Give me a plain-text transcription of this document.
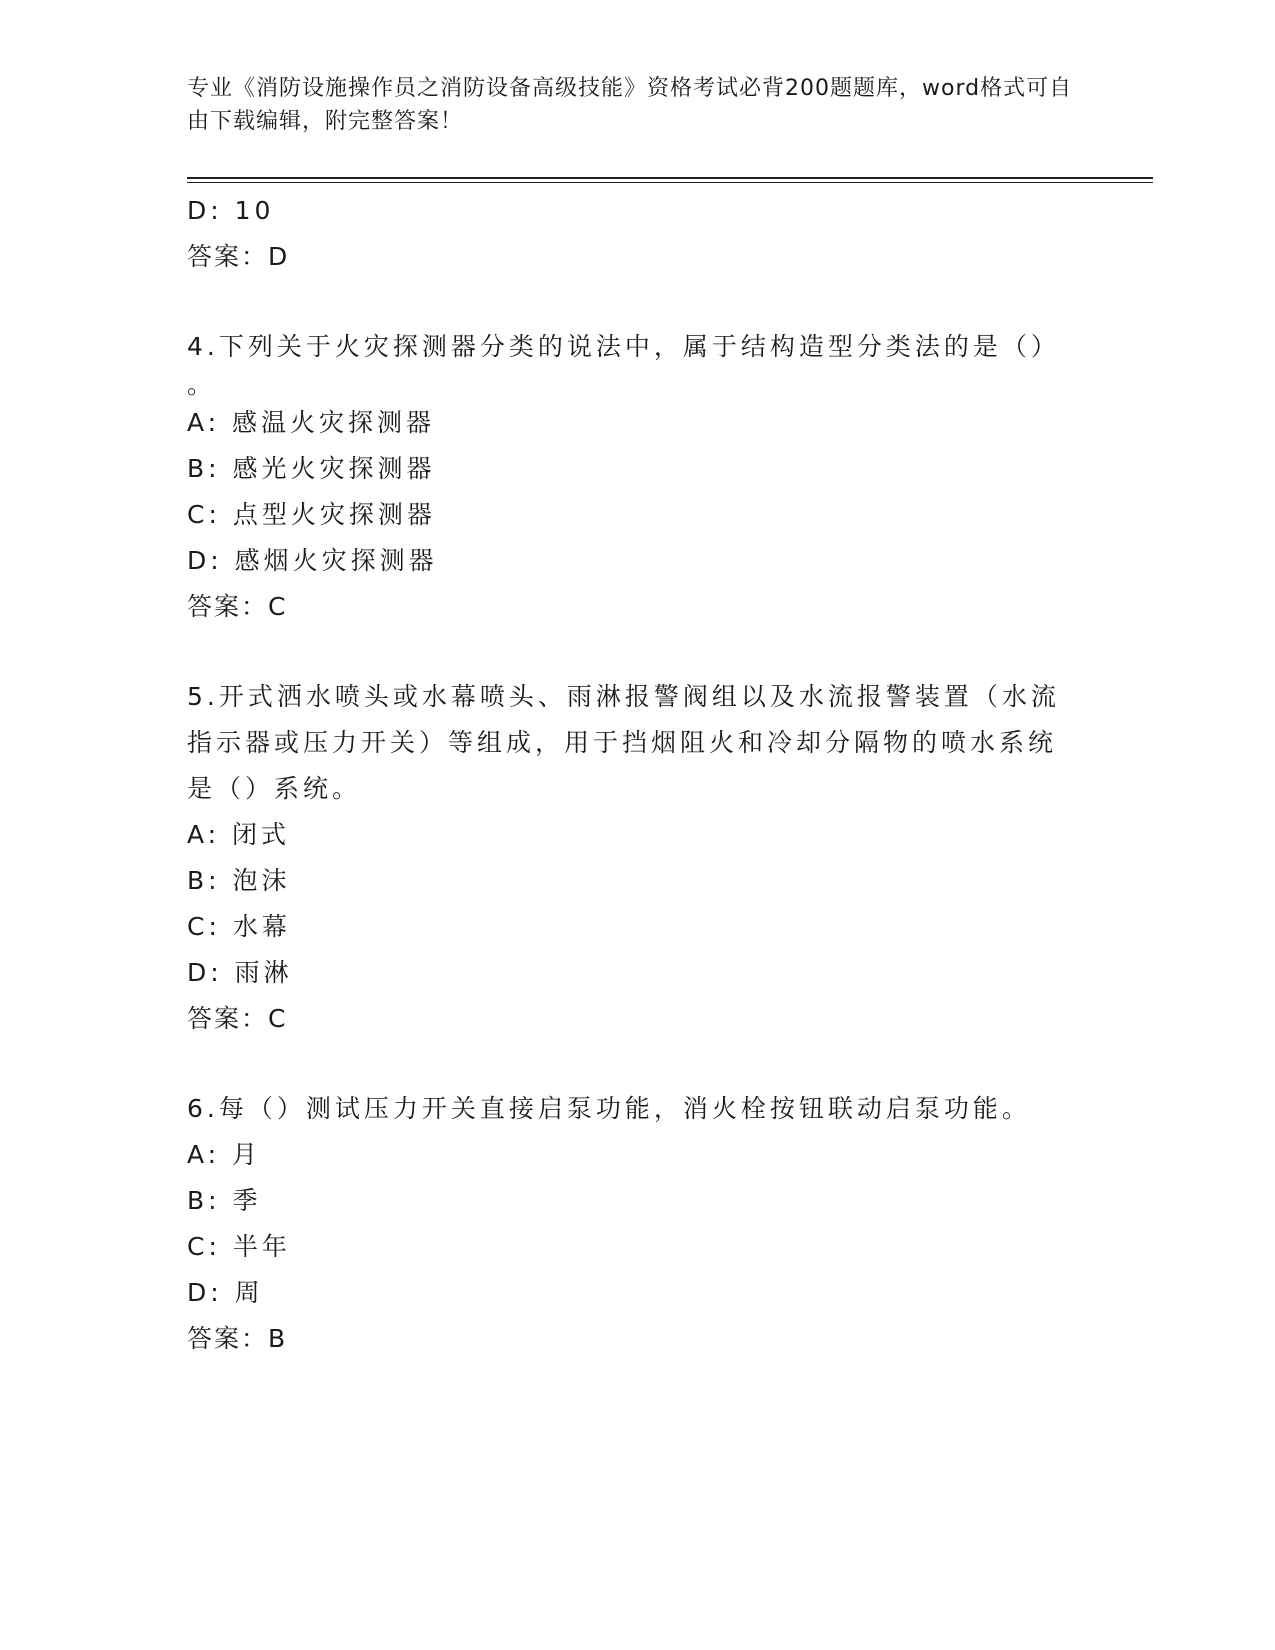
专业《消防设施操作员之消防设备高级技能》资格考试必背200题题库，word格式可自由下载编辑，附完整答案！
D: 10
答案：D
4.下列关于火灾探测器分类的说法中，属于结构造型分类法的是（）
。
A: 感温火灾探测器
B: 感光火灾探测器
C: 点型火灾探测器
D: 感烟火灾探测器
答案：C
5.开式洒水喷头或水幕喷头、雨淋报警阀组以及水流报警装置（水流
指示器或压力开关）等组成，用于挡烟阻火和冷却分隔物的喷水系统
是（）系统。
A: 闭式
B: 泡沫
C: 水幕
D: 雨淋
答案：C
6.每（）测试压力开关直接启泵功能，消火栓按钮联动启泵功能。
A: 月
B: 季
C: 半年
D: 周
答案：B
